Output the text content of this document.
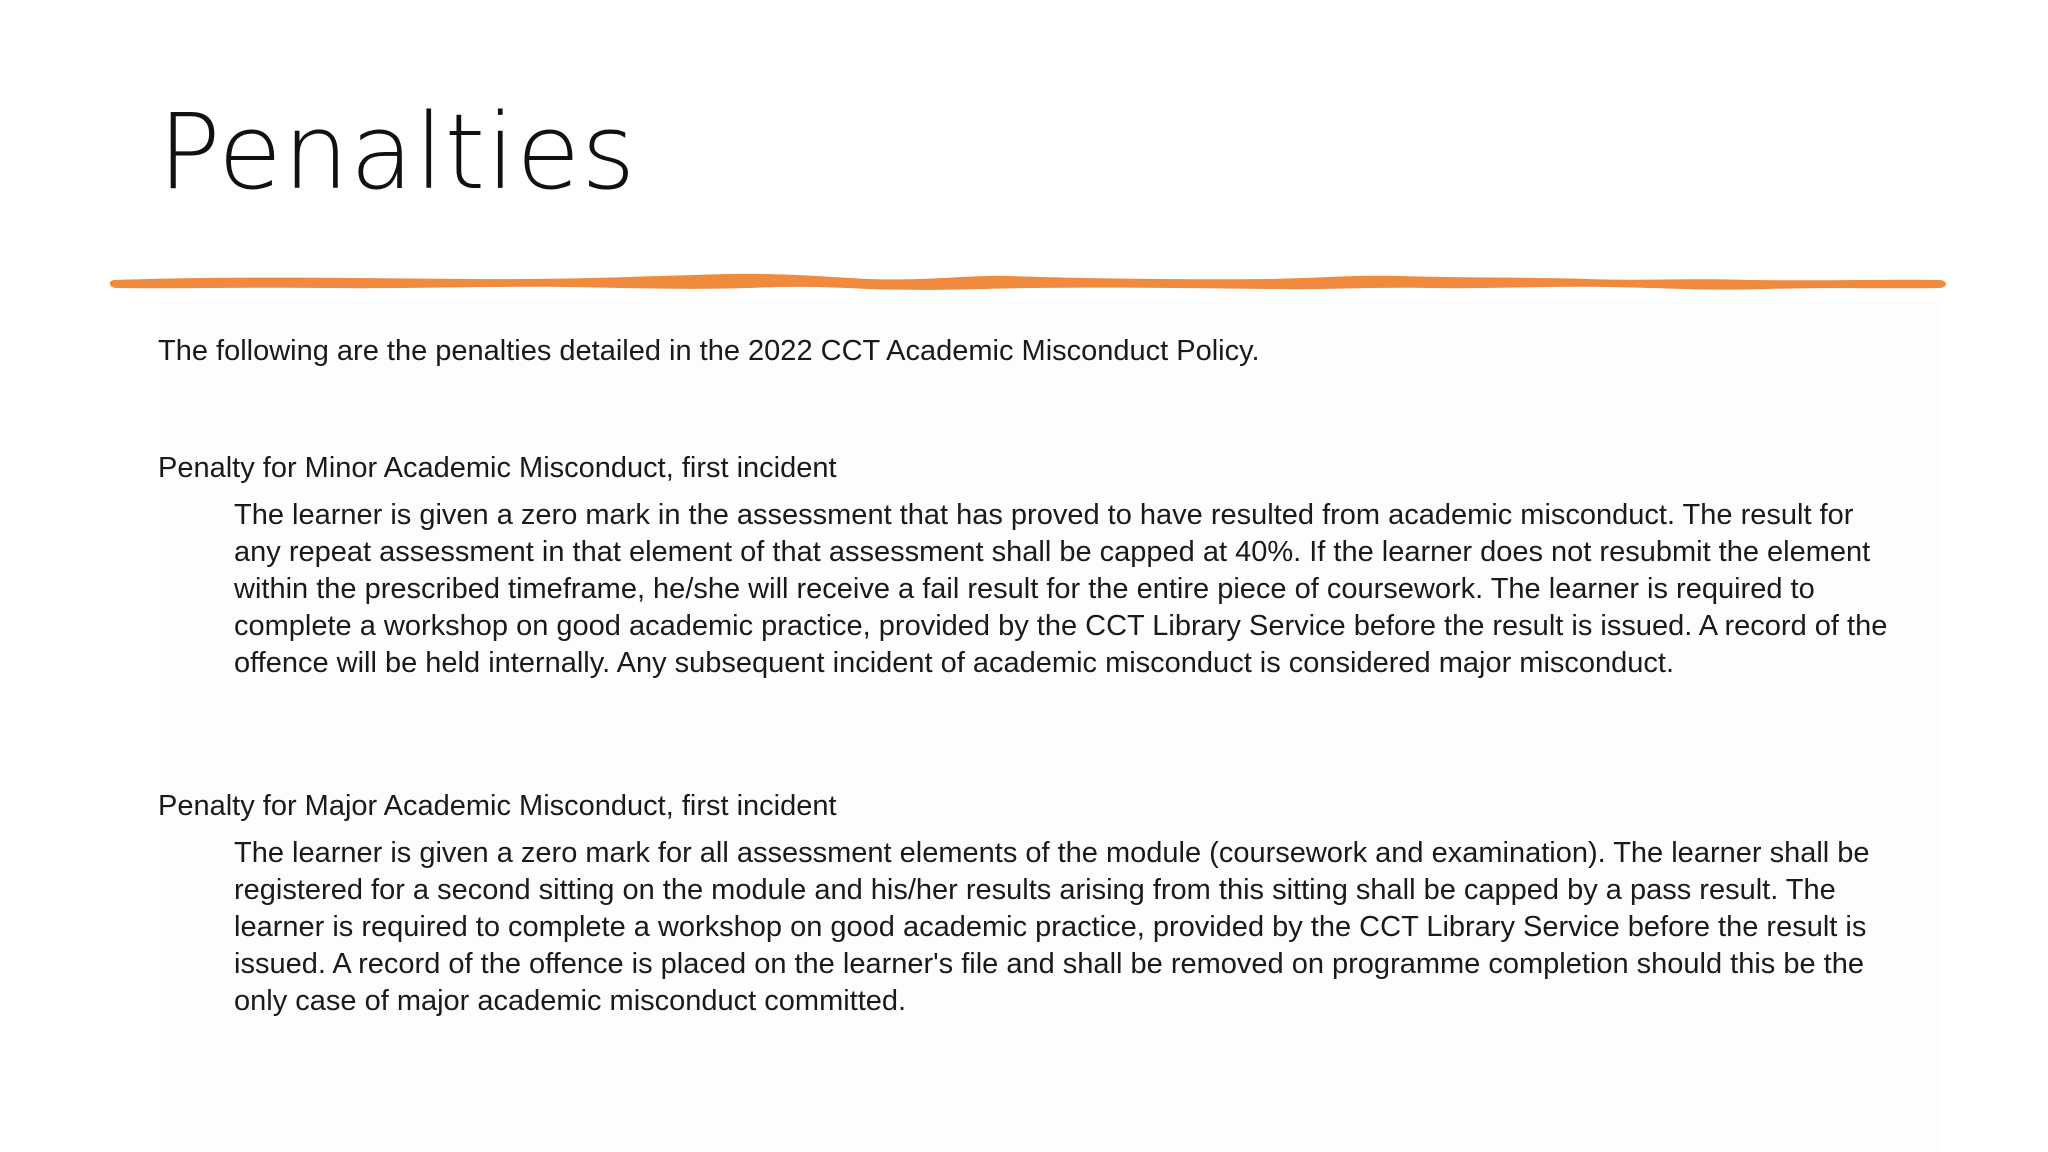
Penalties
The following are the penalties detailed in the 2022 CCT Academic Misconduct Policy.
Penalty for Minor Academic Misconduct, first incident
The learner is given a zero mark in the assessment that has proved to have resulted from academic misconduct. The result for any repeat assessment in that element of that assessment shall be capped at 40%. If the learner does not resubmit the element within the prescribed timeframe, he/she will receive a fail result for the entire piece of coursework. The learner is required to complete a workshop on good academic practice, provided by the CCT Library Service before the result is issued. A record of the offence will be held internally. Any subsequent incident of academic misconduct is considered major misconduct.
Penalty for Major Academic Misconduct, first incident
The learner is given a zero mark for all assessment elements of the module (coursework and examination). The learner shall be registered for a second sitting on the module and his/her results arising from this sitting shall be capped by a pass result. The learner is required to complete a workshop on good academic practice, provided by the CCT Library Service before the result is issued. A record of the offence is placed on the learner's file and shall be removed on programme completion should this be the only case of major academic misconduct committed.
